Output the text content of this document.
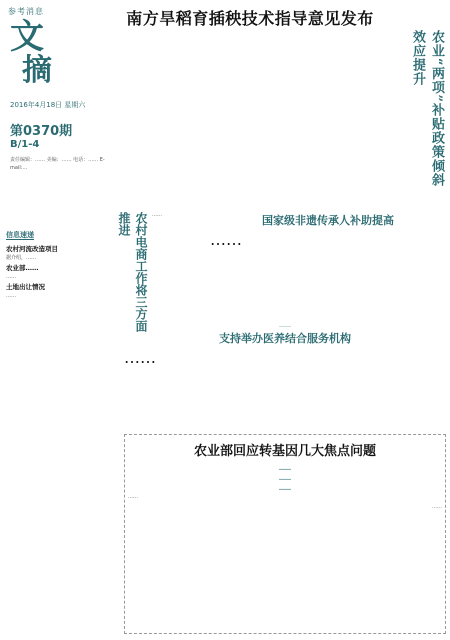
参考消息
文
摘
2016年4月18日 星期六
第0370期
B/1-4
责任编辑：…… 美编：…… 电话：…… E-mail:…
信息速递
农村河流改造项目

据介绍，……

农业部……

……

土地出让情况

……

南方旱稻育插秧技术指导意见发布
农业“两项”补贴政策倾斜效应提升
农村电商工作将三方面推进	……	国家级非遗传承人补助提高
……
……
支持举办医养结合服务机构
……
农业部回应转基因几大焦点问题
……
……
……

……

……
